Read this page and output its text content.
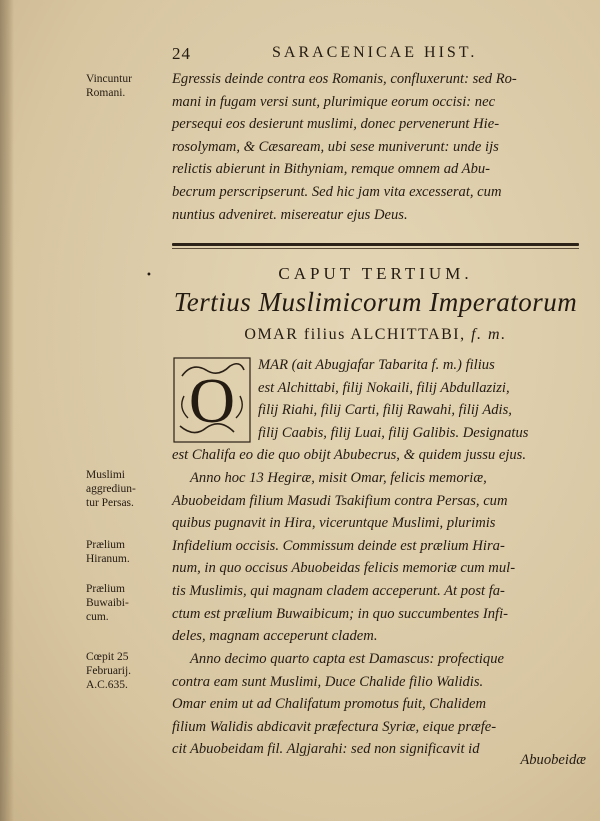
24	SARACENICAE HIST.
Vincuntur
Romani.
Egressis deinde contra eos Romanis, confluxerunt: sed Ro-
mani in fugam versi sunt, plurimique eorum occisi: nec
persequi eos desierunt muslimi, donec pervenerunt Hie-
rosolymam, & Cæsaream, ubi sese muniverunt: unde ijs
relictis abierunt in Bithyniam, remque omnem ad Abu-
becrum perscripserunt. Sed hic jam vita excesserat, cum
nuntius adveniret. misereatur ejus Deus.
•	CAPUT TERTIUM.
Tertius Muslimicorum Imperatorum
OMAR filius ALCHITTABI, f. m.
O MAR (ait Abugjafar Tabarita f. m.) filius
est Alchittabi, filij Nokaili, filij Abdullazizi,
filij Riahi, filij Carti, filij Rawahi, filij Adis,
filij Caabis, filij Luai, filij Galibis. Designatus
est Chalifa eo die quo obijt Abubecrus, & quidem jussu ejus.
Muslimi
aggrediun-
tur Persas.
Prælium
Hiranum.
Prælium
Buwaibi-
cum.
Cœpit 25
Februarij.
A.C.635.
Anno hoc 13 Hegiræ, misit Omar, felicis memoriæ,
Abuobeidam filium Masudi Tsakifium contra Persas, cum
quibus pugnavit in Hira, viceruntque Muslimi, plurimis
Infidelium occisis. Commissum deinde est prælium Hira-
num, in quo occisus Abuobeidas felicis memoriæ cum mul-
tis Muslimis, qui magnam cladem acceperunt. At post fa-
ctum est prælium Buwaibicum; in quo succumbentes Infi-
deles, magnam acceperunt cladem.
Anno decimo quarto capta est Damascus: profectique
contra eam sunt Muslimi, Duce Chalide filio Walidis.
Omar enim ut ad Chalifatum promotus fuit, Chalidem
filium Walidis abdicavit præfectura Syriæ, eique præfe-
cit Abuobeidam fil. Algjarahi: sed non significavit id
Abuobeidæ
